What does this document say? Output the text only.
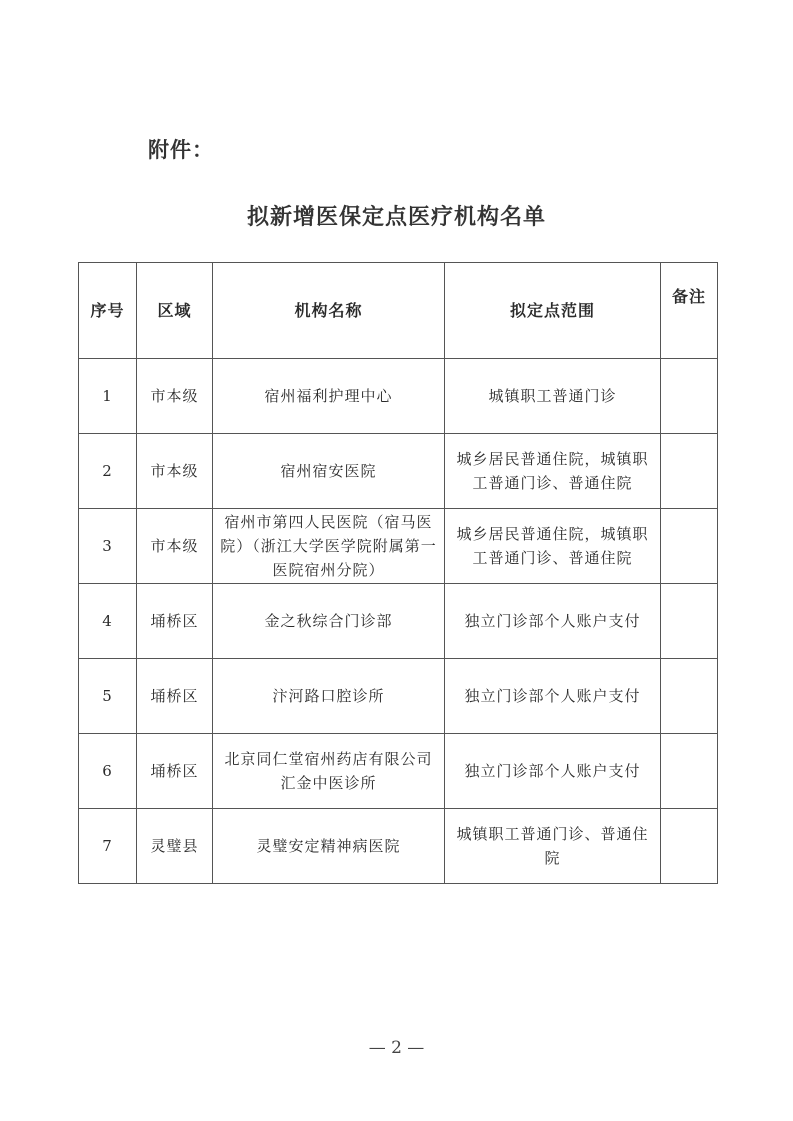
附件：
拟新增医保定点医疗机构名单
序号	区域	机构名称	拟定点范围	备注
1	市本级	宿州福利护理中心	城镇职工普通门诊	
2	市本级	宿州宿安医院	城乡居民普通住院，城镇职工普通门诊、普通住院	
3	市本级	宿州市第四人民医院（宿马医院）（浙江大学医学院附属第一医院宿州分院）	城乡居民普通住院，城镇职工普通门诊、普通住院	
4	埇桥区	金之秋综合门诊部	独立门诊部个人账户支付	
5	埇桥区	汴河路口腔诊所	独立门诊部个人账户支付	
6	埇桥区	北京同仁堂宿州药店有限公司汇金中医诊所	独立门诊部个人账户支付	
7	灵璧县	灵璧安定精神病医院	城镇职工普通门诊、普通住院	
— 2 —
